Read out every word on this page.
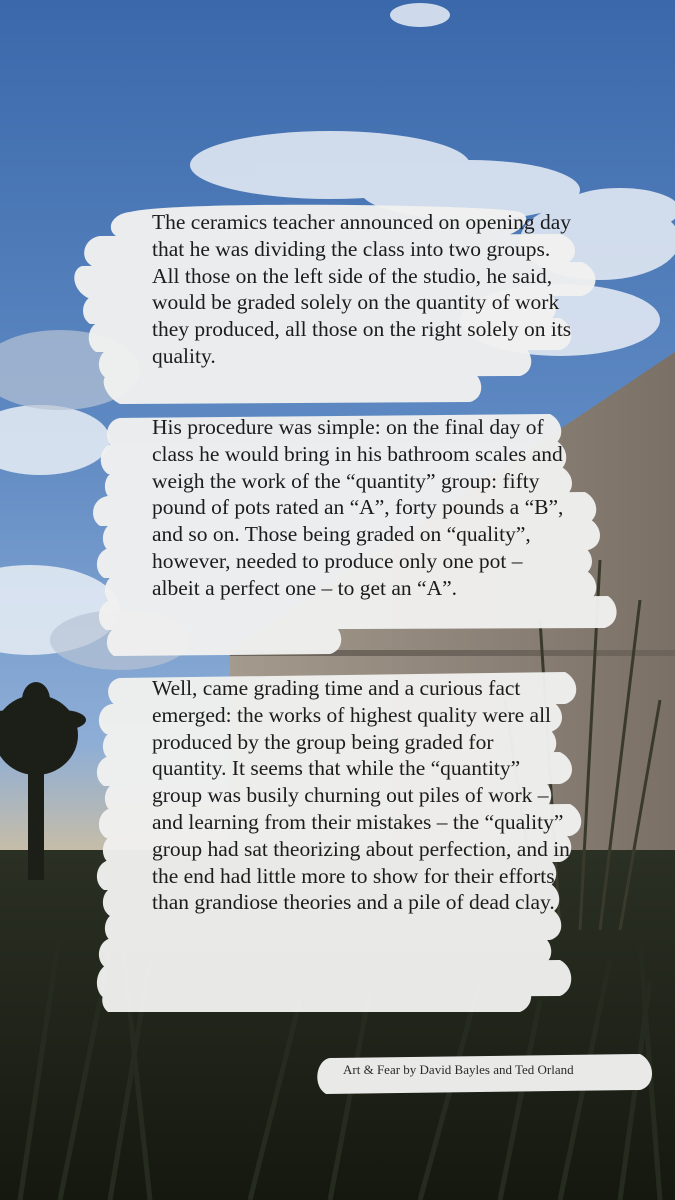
The ceramics teacher announced on opening day that he was dividing the class into two groups. All those on the left side of the studio, he said, would be graded solely on the quantity of work they produced, all those on the right solely on its quality.

His procedure was simple: on the final day of class he would bring in his bathroom scales and weigh the work of the “quantity” group: fifty pound of pots rated an “A”, forty pounds a “B”, and so on. Those being graded on “quality”, however, needed to produce only one pot – albeit a perfect one – to get an “A”.

Well, came grading time and a curious fact emerged: the works of highest quality were all produced by the group being graded for quantity. It seems that while the “quantity” group was busily churning out piles of work – and learning from their mistakes – the “quality” group had sat theorizing about perfection, and in the end had little more to show for their efforts than grandiose theories and a pile of dead clay.

Art & Fear by David Bayles and Ted Orland
